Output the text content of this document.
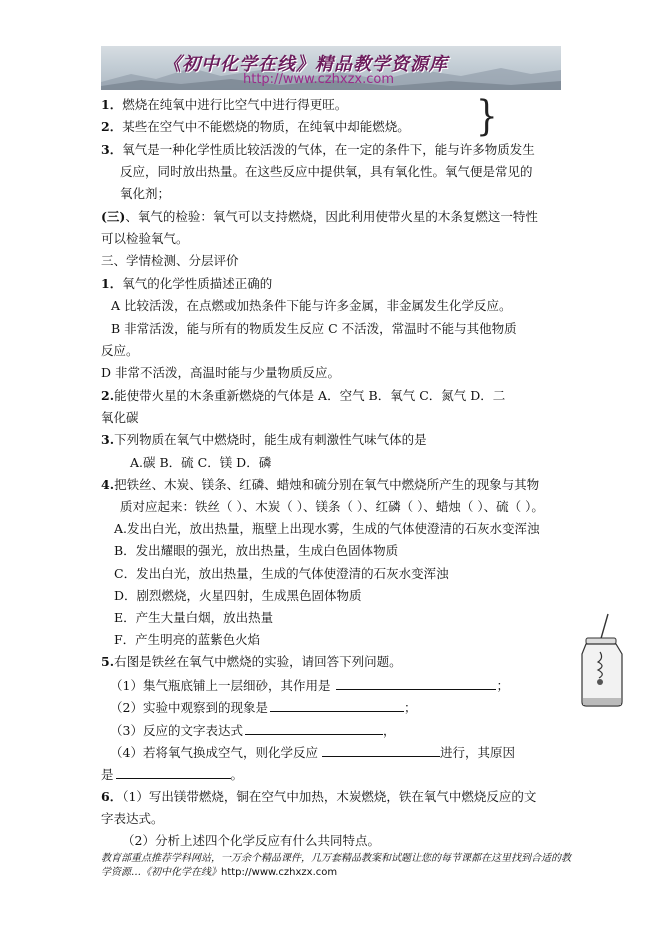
《初中化学在线》精品教学资源库
http://www.czhxzx.com
}
1．燃烧在纯氧中进行比空气中进行得更旺。
2．某些在空气中不能燃烧的物质，在纯氧中却能燃烧。
3．氧气是一种化学性质比较活泼的气体，在一定的条件下，能与许多物质发生
反应，同时放出热量。在这些反应中提供氧，具有氧化性。氧气便是常见的
氧化剂；
(三)、氧气的检验：氧气可以支持燃烧，因此利用使带火星的木条复燃这一特性
可以检验氧气。
三、学情检测、分层评价
1．氧气的化学性质描述正确的
A 比较活泼，在点燃或加热条件下能与许多金属，非金属发生化学反应。
B 非常活泼，能与所有的物质发生反应 C 不活泼，常温时不能与其他物质
反应。
D 非常不活泼，高温时能与少量物质反应。
2.能使带火星的木条重新燃烧的气体是 A．空气 B．氧气 C．氮气 D．二
氧化碳
3.下列物质在氧气中燃烧时，能生成有刺激性气味气体的是
A.碳 B．硫 C．镁 D．磷
4.把铁丝、木炭、镁条、红磷、蜡烛和硫分别在氧气中燃烧所产生的现象与其物
质对应起来：铁丝（ ）、木炭（ ）、镁条（ ）、红磷（ ）、蜡烛（ ）、硫（ ）。
A.发出白光，放出热量，瓶壁上出现水雾，生成的气体使澄清的石灰水变浑浊
B．发出耀眼的强光，放出热量，生成白色固体物质
C．发出白光，放出热量，生成的气体使澄清的石灰水变浑浊
D．剧烈燃烧，火星四射，生成黑色固体物质
E．产生大量白烟，放出热量
F．产生明亮的蓝紫色火焰
5.右图是铁丝在氧气中燃烧的实验，请回答下列问题。
（1）集气瓶底铺上一层细砂，其作用是	；
（2）实验中观察到的现象是	；
（3）反应的文字表达式	，
（4）若将氧气换成空气，则化学反应	进行，其原因
是	。
6．（1）写出镁带燃烧，铜在空气中加热，木炭燃烧，铁在氧气中燃烧反应的文
字表达式。
（2）分析上述四个化学反应有什么共同特点。
教育部重点推荐学科网站，一万余个精品课件，几万套精品教案和试题让您的每节课都在这里找到合适的教学资源…《初中化学在线》http://www.czhxzx.com
